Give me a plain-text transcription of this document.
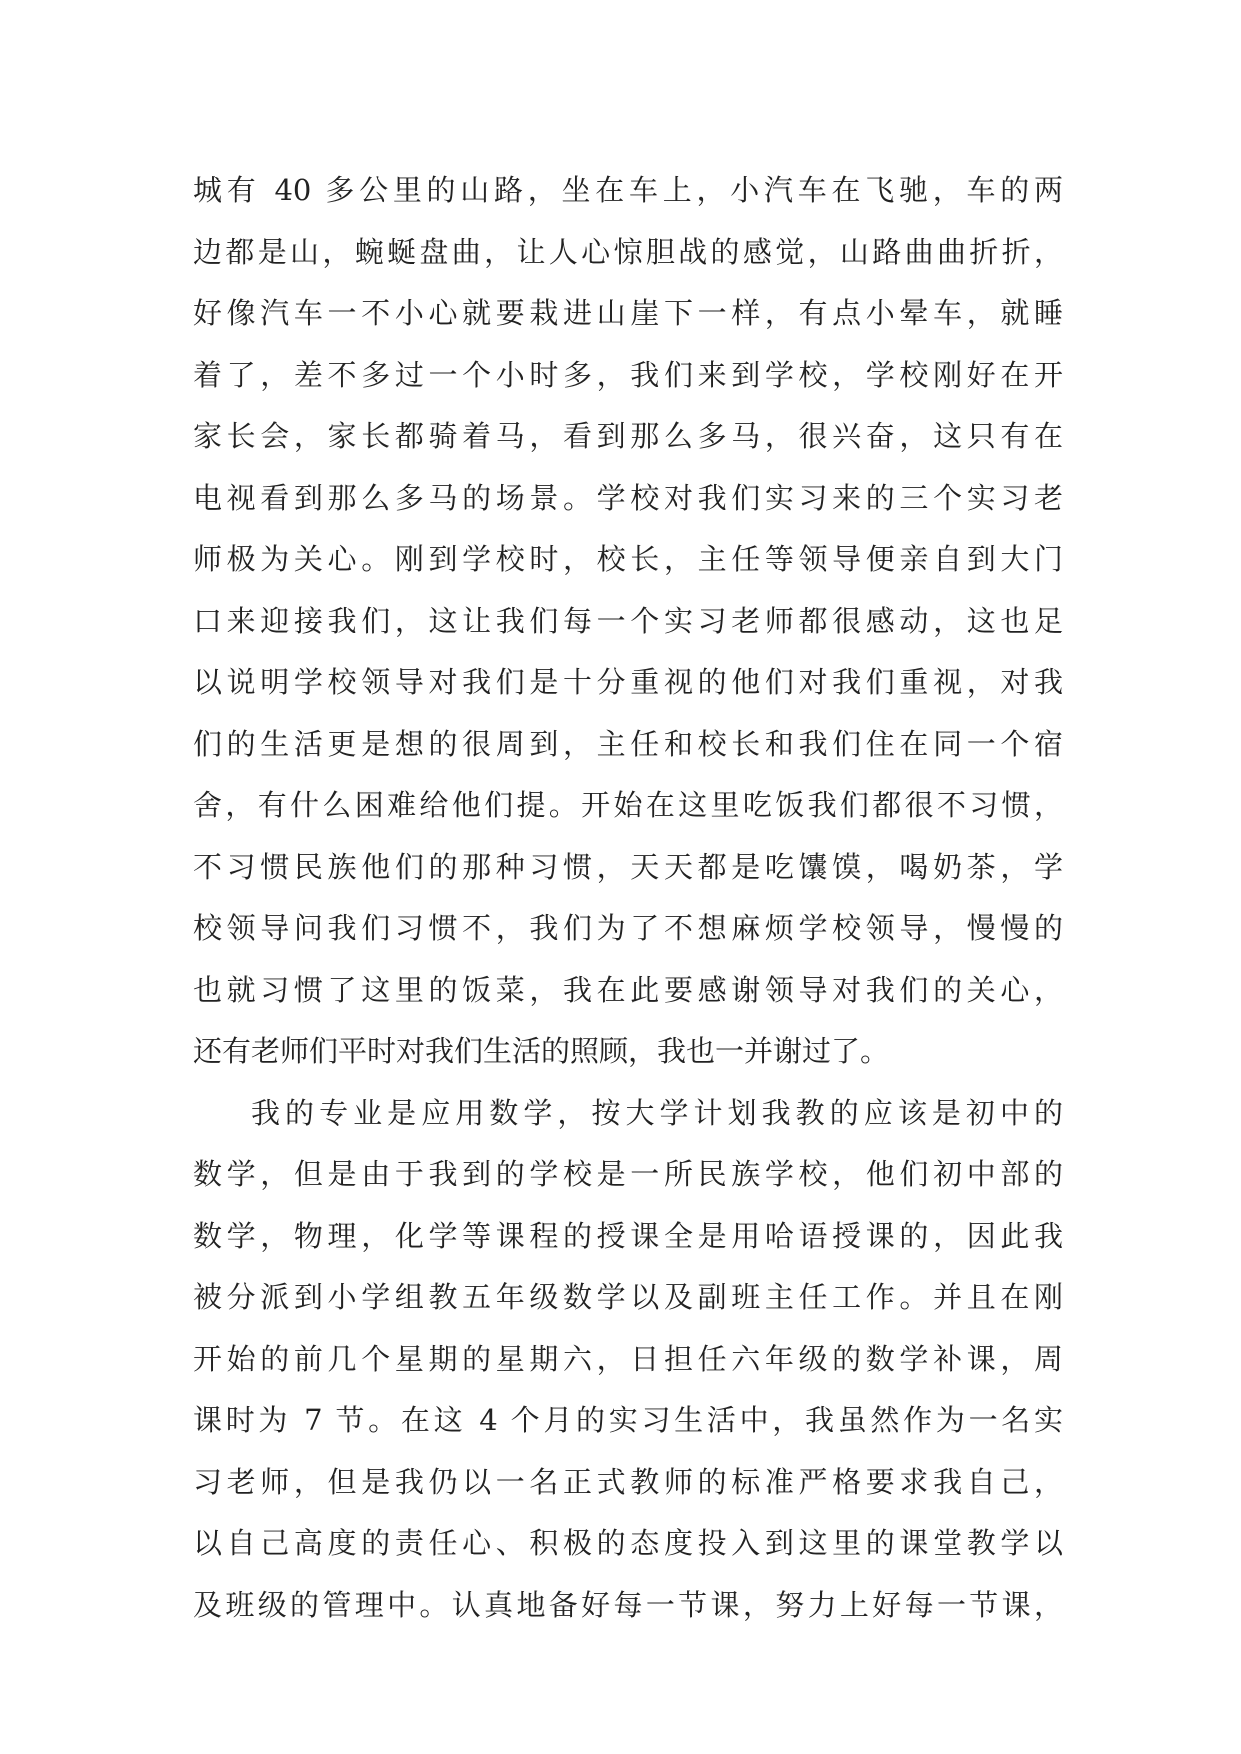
城有 40 多公里的山路，坐在车上，小汽车在飞驰，车的两
边都是山，蜿蜒盘曲，让人心惊胆战的感觉，山路曲曲折折，
好像汽车一不小心就要栽进山崖下一样，有点小晕车，就睡
着了，差不多过一个小时多，我们来到学校，学校刚好在开
家长会，家长都骑着马，看到那么多马，很兴奋，这只有在
电视看到那么多马的场景。学校对我们实习来的三个实习老
师极为关心。刚到学校时，校长，主任等领导便亲自到大门
口来迎接我们，这让我们每一个实习老师都很感动，这也足
以说明学校领导对我们是十分重视的他们对我们重视，对我
们的生活更是想的很周到，主任和校长和我们住在同一个宿
舍，有什么困难给他们提。开始在这里吃饭我们都很不习惯，
不习惯民族他们的那种习惯，天天都是吃馕馍，喝奶茶，学
校领导问我们习惯不，我们为了不想麻烦学校领导，慢慢的
也就习惯了这里的饭菜，我在此要感谢领导对我们的关心，
还有老师们平时对我们生活的照顾，我也一并谢过了。
我的专业是应用数学，按大学计划我教的应该是初中的
数学，但是由于我到的学校是一所民族学校，他们初中部的
数学，物理，化学等课程的授课全是用哈语授课的，因此我
被分派到小学组教五年级数学以及副班主任工作。并且在刚
开始的前几个星期的星期六，日担任六年级的数学补课，周
课时为 7 节。在这 4 个月的实习生活中，我虽然作为一名实
习老师，但是我仍以一名正式教师的标准严格要求我自己，
以自己高度的责任心、积极的态度投入到这里的课堂教学以
及班级的管理中。认真地备好每一节课，努力上好每一节课，
